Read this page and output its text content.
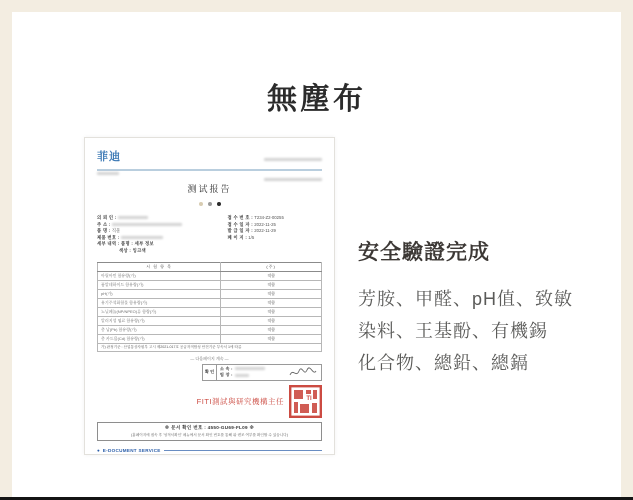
無塵布
菲迪
测试报告
의 뢰 인 :
주 소 :
품 명 : 직물
제품 번호 :
세부 내역 : 품명 : 세부 정보
색상 : 잉크색
접 수 번 호 : T234-Z2-00255
접 수 일 자 : 2022-11-25
발 급 일 자 : 2022-11-29
페 이 지 : 1/5
시 험 항 목	(주)
아릴아민 함유량(가)	적합
폼알데하이드 함유량(가)	적합
pH(가)	적합
유기주석화합물 함유량(가)	적합
노닐페놀(NP/NPEO)류 함량(가)	적합
알러지성 염료 함유량(가)	적합
총 납(Pb) 함유량(가)	적합
총 카드뮴(Cd) 함유량(가)	적합
가) 판정기준 : 산업통상자원부 고시 제2021-017호 공급자적합성 안전기준 부속서 1에 따름	
— 다음페이지 계속 —
확 인
소 속 :
팀 장 :
FITI測試與研究機構主任	TI
※ 문서 확인 번호 : 4550-GU69-FL09 ※
(홈페이지에 접속 후 '성적서확인' 메뉴에서 문서 확인 번호를 통해 위·변조 여부를 확인할 수 있습니다)
● E-DOCUMENT SERVICE
安全驗證完成
芳胺、甲醛、pH值、致敏
染料、王基酚、有機錫
化合物、總鉛、總鎘
